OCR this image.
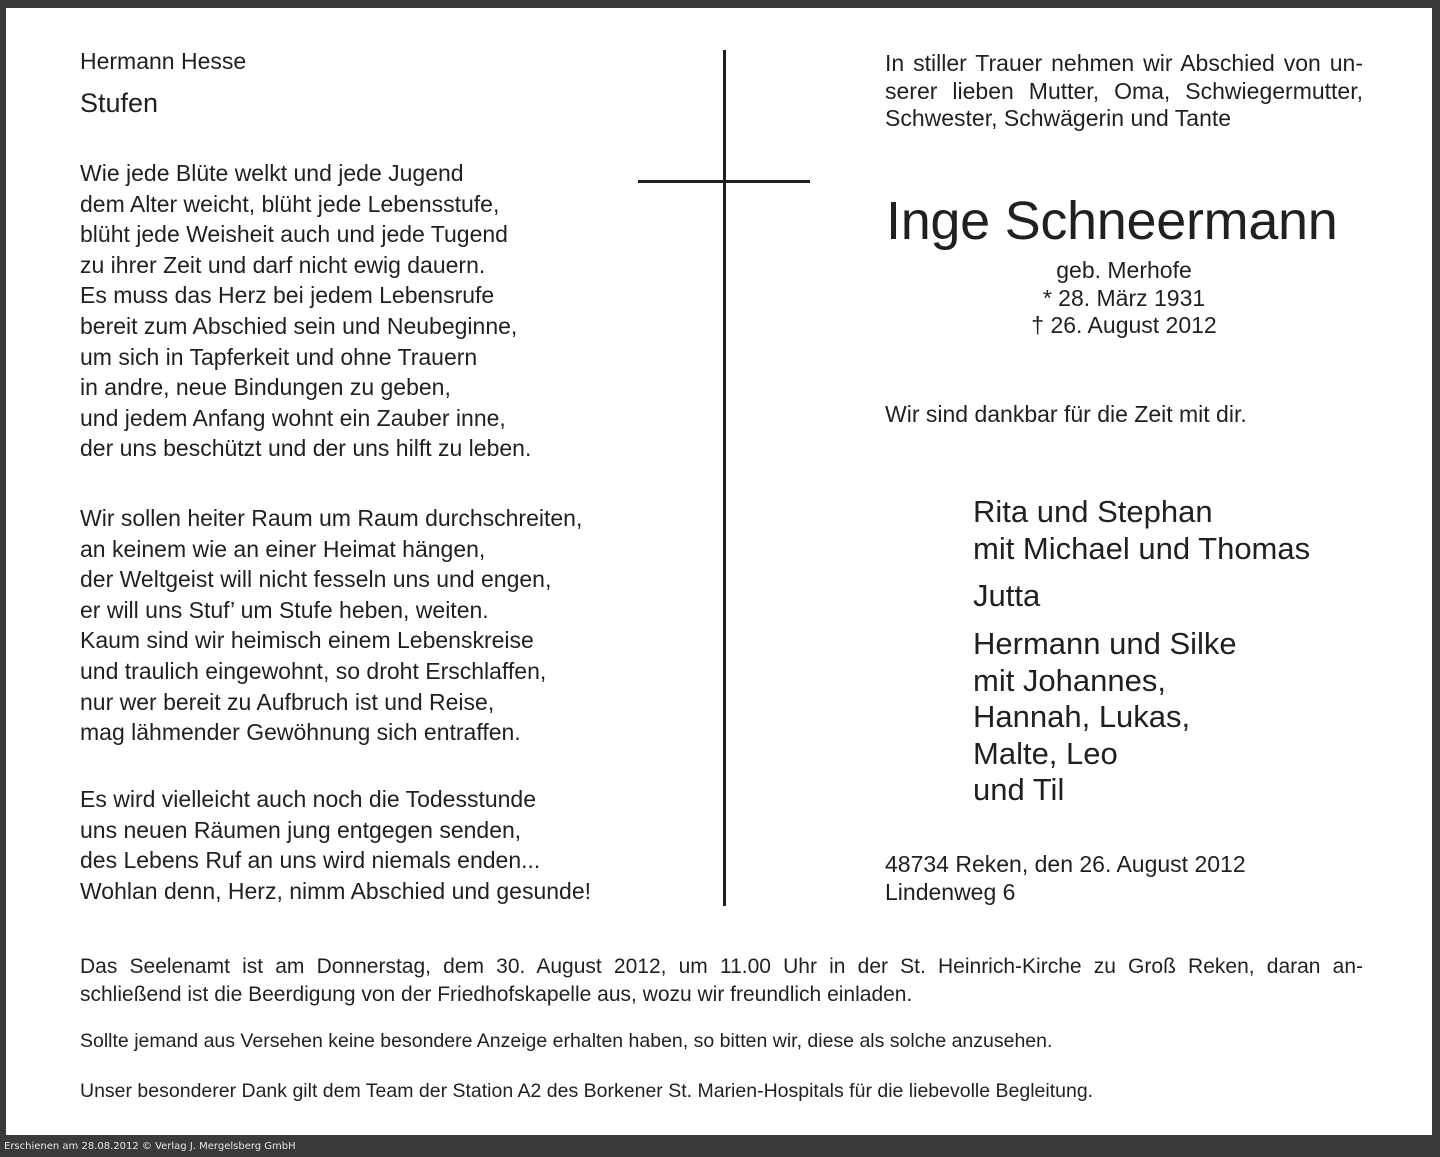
Hermann Hesse
Stufen
Wie jede Blüte welkt und jede Jugend
dem Alter weicht, blüht jede Lebensstufe,
blüht jede Weisheit auch und jede Tugend
zu ihrer Zeit und darf nicht ewig dauern.
Es muss das Herz bei jedem Lebensrufe
bereit zum Abschied sein und Neubeginne,
um sich in Tapferkeit und ohne Trauern
in andre, neue Bindungen zu geben,
und jedem Anfang wohnt ein Zauber inne,
der uns beschützt und der uns hilft zu leben.
Wir sollen heiter Raum um Raum durchschreiten,
an keinem wie an einer Heimat hängen,
der Weltgeist will nicht fesseln uns und engen,
er will uns Stuf’ um Stufe heben, weiten.
Kaum sind wir heimisch einem Lebenskreise
und traulich eingewohnt, so droht Erschlaffen,
nur wer bereit zu Aufbruch ist und Reise,
mag lähmender Gewöhnung sich entraffen.
Es wird vielleicht auch noch die Todesstunde
uns neuen Räumen jung entgegen senden,
des Lebens Ruf an uns wird niemals enden...
Wohlan denn, Herz, nimm Abschied und gesunde!
In stiller Trauer nehmen wir Abschied von un-
serer lieben Mutter, Oma, Schwiegermutter,
Schwester, Schwägerin und Tante
Inge Schneermann
geb. Merhofe
* 28. März 1931
† 26. August 2012
Wir sind dankbar für die Zeit mit dir.
Rita und Stephan
mit Michael und Thomas
Jutta
Hermann und Silke
mit Johannes,
Hannah, Lukas,
Malte, Leo
und Til
48734 Reken, den 26. August 2012
Lindenweg 6
Das Seelenamt ist am Donnerstag, dem 30. August 2012, um 11.00 Uhr in der St. Heinrich-Kirche zu Groß Reken, daran an-
schließend ist die Beerdigung von der Friedhofskapelle aus, wozu wir freundlich einladen.
Sollte jemand aus Versehen keine besondere Anzeige erhalten haben, so bitten wir, diese als solche anzusehen.
Unser besonderer Dank gilt dem Team der Station A2 des Borkener St. Marien-Hospitals für die liebevolle Begleitung.
Erschienen am 28.08.2012 © Verlag J. Mergelsberg GmbH
